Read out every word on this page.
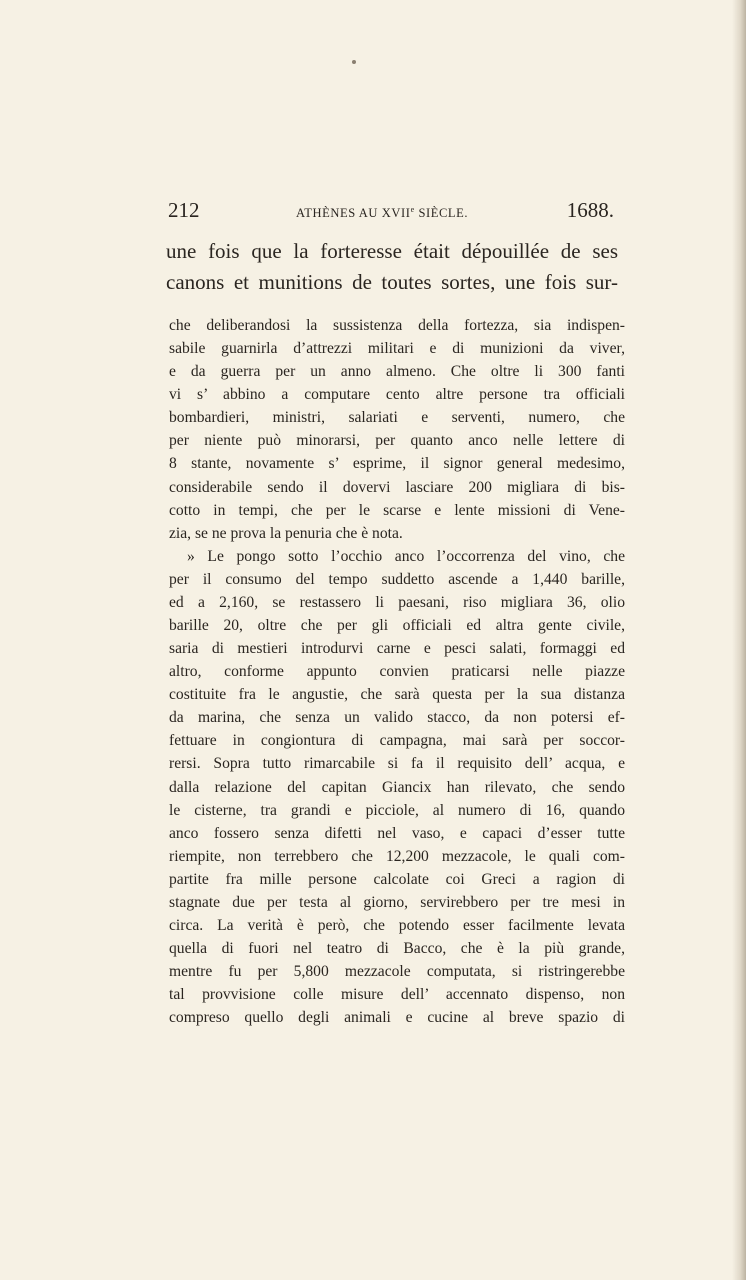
212	ATHÈNES AU XVIIe SIÈCLE.	1688.
une fois que la forteresse était dépouillée de ses
canons et munitions de toutes sortes, une fois sur-
che deliberandosi la sussistenza della fortezza, sia indispen-
sabile guarnirla d’attrezzi militari e di munizioni da viver,
e da guerra per un anno almeno. Che oltre li 300 fanti
vi s’ abbino a computare cento altre persone tra officiali
bombardieri, ministri, salariati e serventi, numero, che
per niente può minorarsi, per quanto anco nelle lettere di
8 stante, novamente s’ esprime, il signor general medesimo,
considerabile sendo il dovervi lasciare 200 migliara di bis-
cotto in tempi, che per le scarse e lente missioni di Vene-
zia, se ne prova la penuria che è nota.
» Le pongo sotto l’occhio anco l’occorrenza del vino, che
per il consumo del tempo suddetto ascende a 1,440 barille,
ed a 2,160, se restassero li paesani, riso migliara 36, olio
barille 20, oltre che per gli officiali ed altra gente civile,
saria di mestieri introdurvi carne e pesci salati, formaggi ed
altro, conforme appunto convien praticarsi nelle piazze
costituite fra le angustie, che sarà questa per la sua distanza
da marina, che senza un valido stacco, da non potersi ef-
fettuare in congiontura di campagna, mai sarà per soccor-
rersi. Sopra tutto rimarcabile si fa il requisito dell’ acqua, e
dalla relazione del capitan Giancix han rilevato, che sendo
le cisterne, tra grandi e picciole, al numero di 16, quando
anco fossero senza difetti nel vaso, e capaci d’esser tutte
riempite, non terrebbero che 12,200 mezzacole, le quali com-
partite fra mille persone calcolate coi Greci a ragion di
stagnate due per testa al giorno, servirebbero per tre mesi in
circa. La verità è però, che potendo esser facilmente levata
quella di fuori nel teatro di Bacco, che è la più grande,
mentre fu per 5,800 mezzacole computata, si ristringerebbe
tal provvisione colle misure dell’ accennato dispenso, non
compreso quello degli animali e cucine al breve spazio di
